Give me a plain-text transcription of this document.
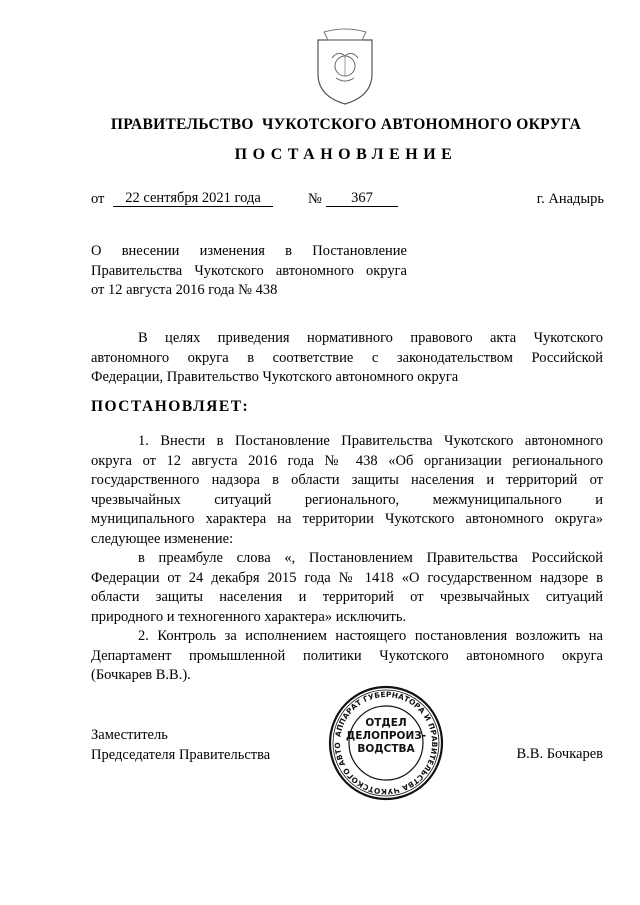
ПРАВИТЕЛЬСТВО  ЧУКОТСКОГО АВТОНОМНОГО ОКРУГА
ПОСТАНОВЛЕНИЕ
от	22 сентября 2021 года	№	367	г. Анадырь
О внесении изменения в Постановление
Правительства Чукотского автономного округа
от 12 августа 2016 года № 438
В целях приведения нормативного правового акта Чукотского
автономного округа в соответствие с законодательством Российской
Федерации, Правительство Чукотского автономного округа
ПОСТАНОВЛЯЕТ:
1. Внести в Постановление Правительства Чукотского автономного
округа от 12 августа 2016 года № 438 «Об организации регионального
государственного надзора в области защиты населения и территорий от
чрезвычайных ситуаций регионального, межмуниципального и
муниципального характера на территории Чукотского автономного округа»
следующее изменение:
в преамбуле слова «, Постановлением Правительства Российской
Федерации от 24 декабря 2015 года № 1418 «О государственном надзоре в
области защиты населения и территорий от чрезвычайных ситуаций
природного и техногенного характера» исключить.
2. Контроль за исполнением настоящего постановления возложить на
Департамент промышленной политики Чукотского автономного округа
(Бочкарев В.В.).
Заместитель
Председателя Правительства	В.В. Бочкарев
АППАРАТ ГУБЕРНАТОРА И ПРАВИТЕЛЬСТВА ЧУКОТСКОГО АВТО
ОТДЕЛ
ДЕЛОПРОИЗ-
ВОДСТВА
